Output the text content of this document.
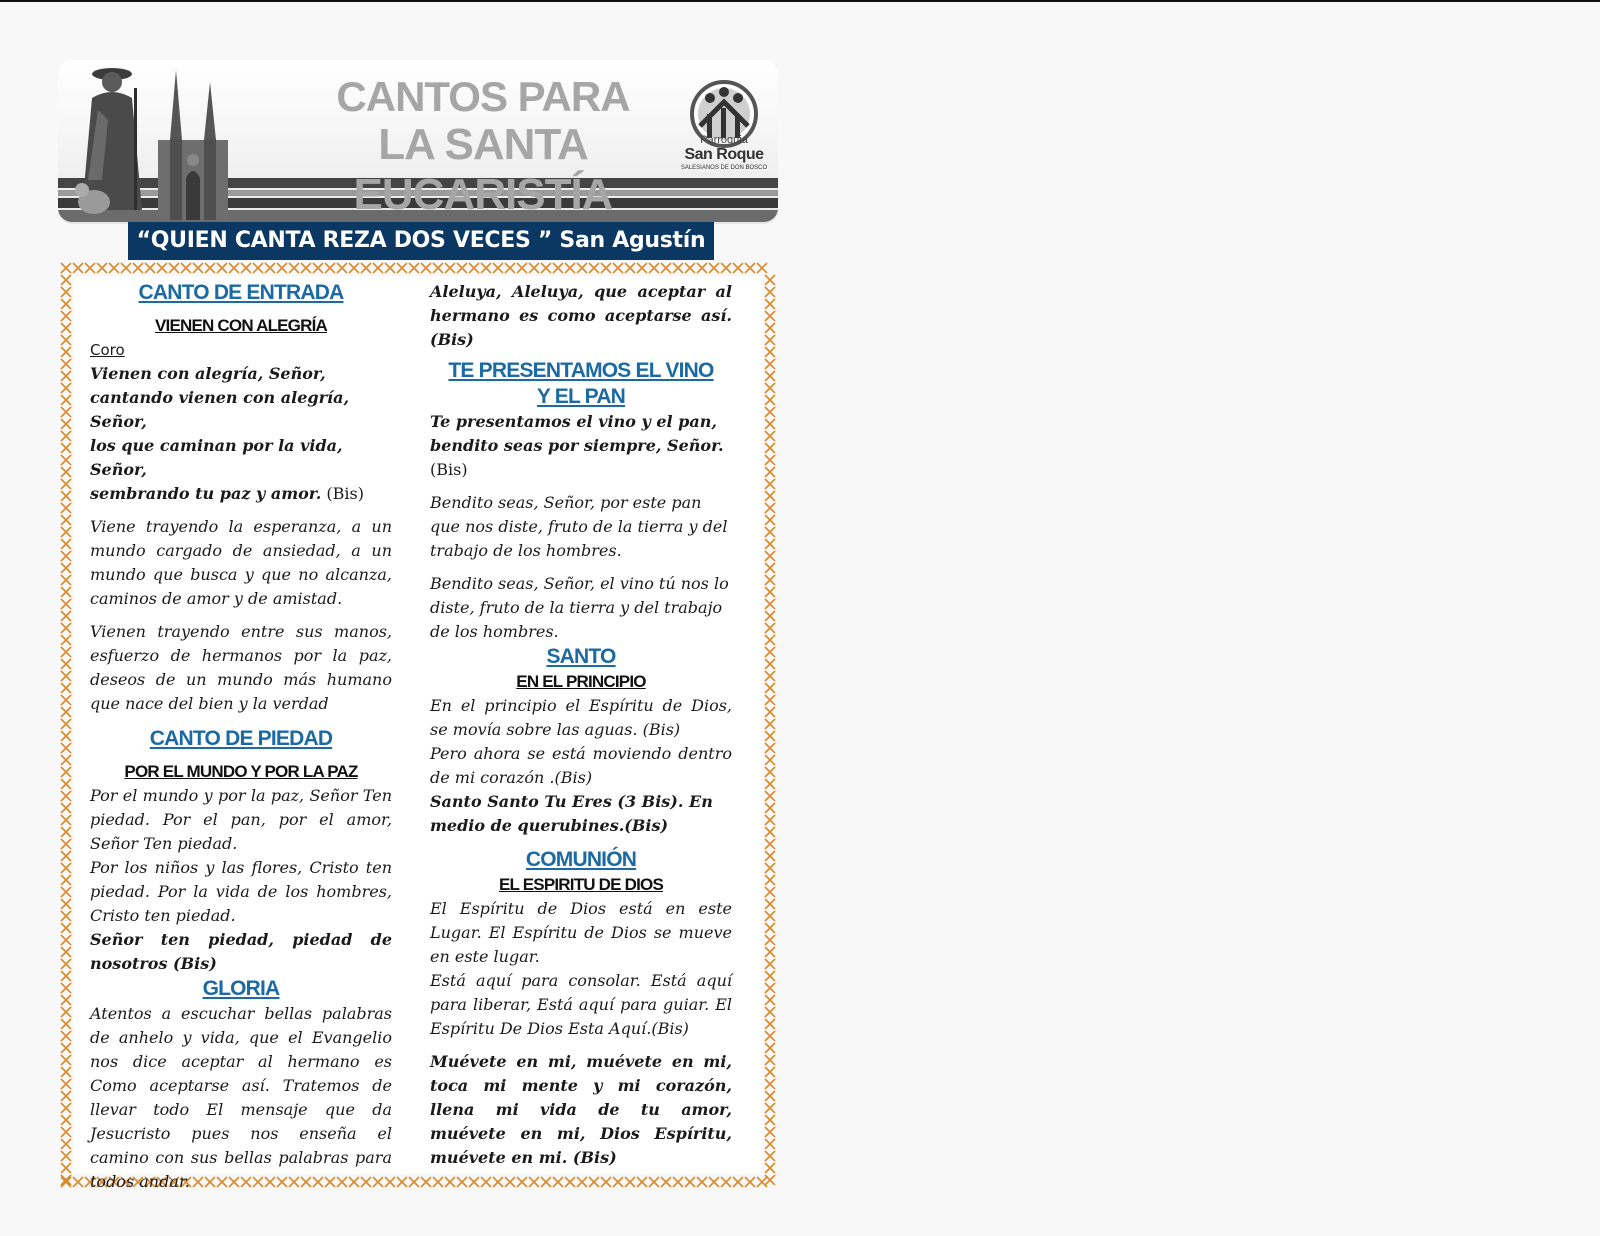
CANTOS PARA
LA SANTA EUCARISTÍA
Parroquia
San Roque
SALESIANOS DE DON BOSCO
“QUIEN CANTA REZA DOS VECES ” San Agustín
CANTO DE ENTRADA
VIENEN CON ALEGRÍA

Coro

Vienen con alegría, Señor,

cantando vienen con alegría, Señor,

los que caminan por la vida, Señor,

sembrando tu paz y amor. (Bis)

Viene trayendo la esperanza, a un mundo cargado de ansiedad, a un mundo que busca y que no alcanza, caminos de amor y de amistad.

Vienen trayendo entre sus manos, esfuerzo de hermanos por la paz, deseos de un mundo más humano que nace del bien y la verdad

CANTO DE PIEDAD
POR EL MUNDO Y POR LA PAZ

Por el mundo y por la paz, Señor Ten piedad. Por el pan, por el amor, Señor Ten piedad.

Por los niños y las flores, Cristo ten piedad. Por la vida de los hombres, Cristo ten piedad.

Señor ten piedad, piedad de nosotros (Bis)

GLORIA

Atentos a escuchar bellas palabras de anhelo y vida, que el Evangelio nos dice aceptar al hermano es Como aceptarse así. Tratemos de llevar todo El mensaje que da Jesucristo pues nos enseña el camino con sus bellas palabras para todos andar.

Aleluya, Aleluya, que aceptar al hermano es como aceptarse así. (Bis)

TE PRESENTAMOS EL VINO
Y EL PAN

Te presentamos el vino y el pan, bendito seas por siempre, Señor.

(Bis)

Bendito seas, Señor, por este pan que nos diste, fruto de la tierra y del trabajo de los hombres.

Bendito seas, Señor, el vino tú nos lo diste, fruto de la tierra y del trabajo de los hombres.

SANTO
EN EL PRINCIPIO

En el principio el Espíritu de Dios, se movía sobre las aguas. (Bis)

Pero ahora se está moviendo dentro de mi corazón .(Bis)

Santo Santo Tu Eres (3 Bis). En medio de querubines.(Bis)

COMUNIÓN
EL ESPIRITU DE DIOS

El Espíritu de Dios está en este Lugar. El Espíritu de Dios se mueve en este lugar.

Está aquí para consolar. Está aquí para liberar, Está aquí para guiar. El Espíritu De Dios Esta Aquí.(Bis)

Muévete en mi, muévete en mi, toca mi mente y mi corazón, llena mi vida de tu amor, muévete en mi, Dios Espíritu, muévete en mi. (Bis)
